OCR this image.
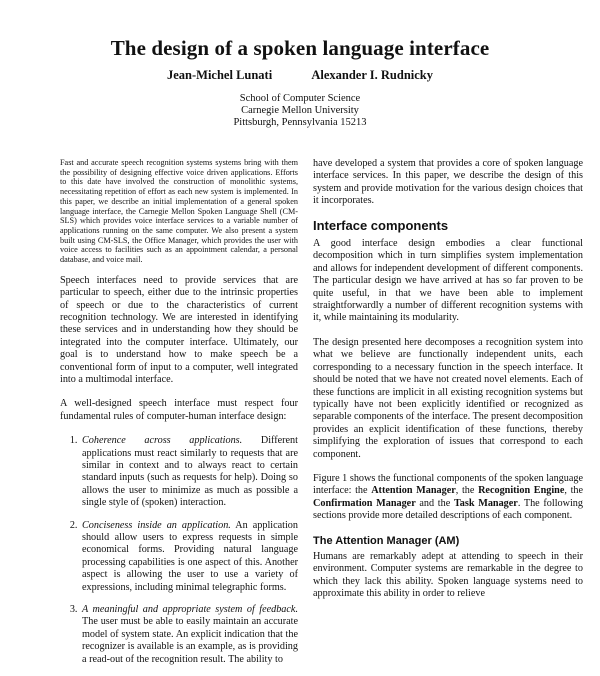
The design of a spoken language interface
Jean-Michel Lunati	Alexander I. Rudnicky
School of Computer Science
Carnegie Mellon University
Pittsburgh, Pennsylvania 15213

Fast and accurate speech recognition systems systems bring with them the possibility of designing effective voice driven applications. Efforts to this date have involved the construction of monolithic systems, necessitating repetition of effort as each new system is implemented. In this paper, we describe an initial implementation of a general spoken language interface, the Carnegie Mellon Spoken Language Shell (CM-SLS) which provides voice interface services to a variable number of applications running on the same computer. We also present a system built using CM-SLS, the Office Manager, which provides the user with voice access to facilities such as an appointment calendar, a personal database, and voice mail.

Speech interfaces need to provide services that are particular to speech, either due to the intrinsic properties of speech or due to the characteristics of current recognition technology. We are interested in identifying these services and in understanding how they should be integrated into the computer interface. Ultimately, our goal is to understand how to make speech be a conventional form of input to a computer, well integrated into a multimodal interface.

A well-designed speech interface must respect four fundamental rules of computer-human interface design:

1. Coherence across applications. Different applications must react similarly to requests that are similar in context and to always react to certain standard inputs (such as requests for help). Doing so allows the user to minimize as much as possible a single style of (spoken) interaction.
2. Conciseness inside an application. An application should allow users to express requests in simple economical forms. Providing natural language processing capabilities is one aspect of this. Another aspect is allowing the user to use a variety of expressions, including minimal telegraphic forms.
3. A meaningful and appropriate system of feedback. The user must be able to easily maintain an accurate model of system state. An explicit indication that the recognizer is available is an example, as is providing a read-out of the recognition result. The ability to

have developed a system that provides a core of spoken language interface services. In this paper, we describe the design of this system and provide motivation for the various design choices that it incorporates.

Interface components

A good interface design embodies a clear functional decomposition which in turn simplifies system implementation and allows for independent development of different components. The particular design we have arrived at has so far proven to be quite useful, in that we have been able to implement straightforwardly a number of different recognition systems with it, while maintaining its modularity.

The design presented here decomposes a recognition system into what we believe are functionally independent units, each corresponding to a necessary function in the speech interface. It should be noted that we have not created novel elements. Each of these functions are implicit in all existing recognition systems but typically have not been explicitly identified or recognized as separable components of the interface. The present decomposition provides an explicit identification of these functions, thereby simplifying the exploration of issues that correspond to each component.

Figure 1 shows the functional components of the spoken language interface: the Attention Manager, the Recognition Engine, the Confirmation Manager and the Task Manager. The following sections provide more detailed descriptions of each component.

The Attention Manager (AM)

Humans are remarkably adept at attending to speech in their environment. Computer systems are remarkable in the degree to which they lack this ability. Spoken language systems need to approximate this ability in order to relieve
